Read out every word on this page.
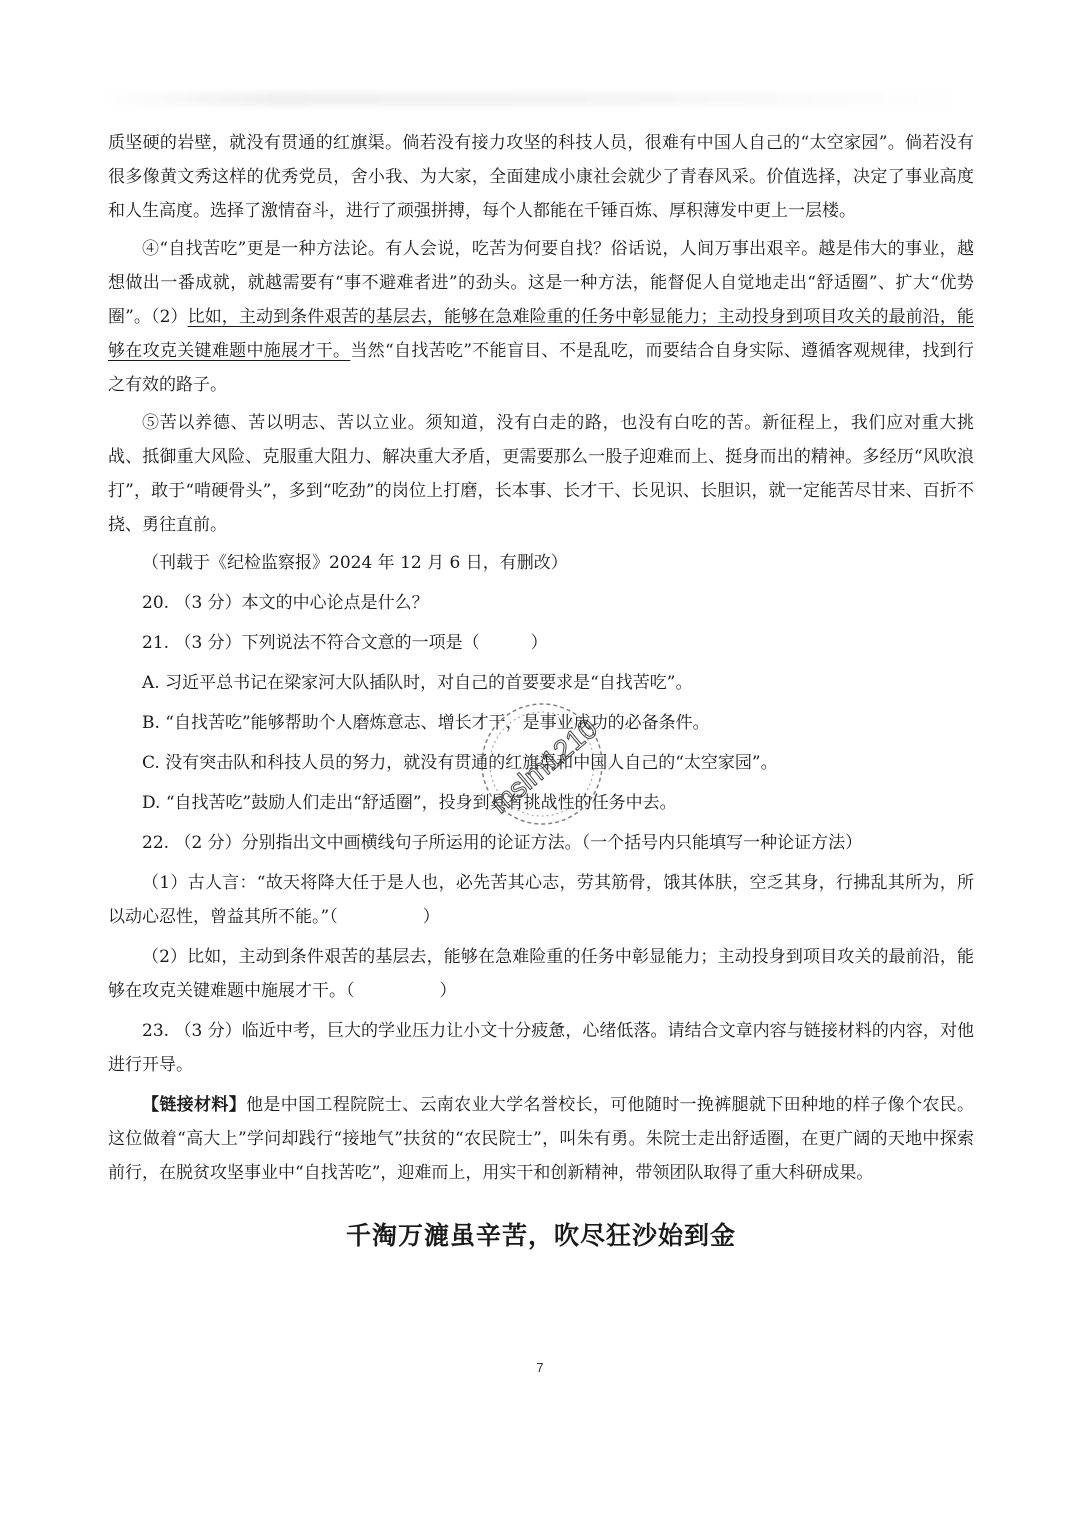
质坚硬的岩壁，就没有贯通的红旗渠。倘若没有接力攻坚的科技人员，很难有中国人自己的“太空家园”。倘若没有很多像黄文秀这样的优秀党员，舍小我、为大家，全面建成小康社会就少了青春风采。价值选择，决定了事业高度和人生高度。选择了激情奋斗，进行了顽强拼搏，每个人都能在千锤百炼、厚积薄发中更上一层楼。

④“自找苦吃”更是一种方法论。有人会说，吃苦为何要自找？俗话说，人间万事出艰辛。越是伟大的事业，越想做出一番成就，就越需要有“事不避难者进”的劲头。这是一种方法，能督促人自觉地走出“舒适圈”、扩大“优势圈”。（2）比如，主动到条件艰苦的基层去，能够在急难险重的任务中彰显能力；主动投身到项目攻关的最前沿，能够在攻克关键难题中施展才干。当然“自找苦吃”不能盲目、不是乱吃，而要结合自身实际、遵循客观规律，找到行之有效的路子。

⑤苦以养德、苦以明志、苦以立业。须知道，没有白走的路，也没有白吃的苦。新征程上，我们应对重大挑战、抵御重大风险、克服重大阻力、解决重大矛盾，更需要那么一股子迎难而上、挺身而出的精神。多经历“风吹浪打”，敢于“啃硬骨头”，多到“吃劲”的岗位上打磨，长本事、长才干、长见识、长胆识，就一定能苦尽甘来、百折不挠、勇往直前。

（刊载于《纪检监察报》2024 年 12 月 6 日，有删改）

20. （3 分）本文的中心论点是什么？

21. （3 分）下列说法不符合文意的一项是（　　　）

A. 习近平总书记在梁家河大队插队时，对自己的首要要求是“自找苦吃”。

B. “自找苦吃”能够帮助个人磨炼意志、增长才干，是事业成功的必备条件。

C. 没有突击队和科技人员的努力，就没有贯通的红旗渠和中国人自己的“太空家园”。

D. “自找苦吃”鼓励人们走出“舒适圈”，投身到具有挑战性的任务中去。

22. （2 分）分别指出文中画横线句子所运用的论证方法。（一个括号内只能填写一种论证方法）

（1）古人言：“故天将降大任于是人也，必先苦其心志，劳其筋骨，饿其体肤，空乏其身，行拂乱其所为，所以动心忍性，曾益其所不能。”（　　　　　）

（2）比如，主动到条件艰苦的基层去，能够在急难险重的任务中彰显能力；主动投身到项目攻关的最前沿，能够在攻克关键难题中施展才干。（　　　　　）

23. （3 分）临近中考，巨大的学业压力让小文十分疲惫，心绪低落。请结合文章内容与链接材料的内容，对他进行开导。

【链接材料】他是中国工程院院士、云南农业大学名誉校长，可他随时一挽裤腿就下田种地的样子像个农民。这位做着“高大上”学问却践行“接地气”扶贫的“农民院士”，叫朱有勇。朱院士走出舒适圈，在更广阔的天地中探索前行，在脱贫攻坚事业中“自找苦吃”，迎难而上，用实干和创新精神，带领团队取得了重大科研成果。

千淘万漉虽辛苦，吹尽狂沙始到金
mslm1210
7
